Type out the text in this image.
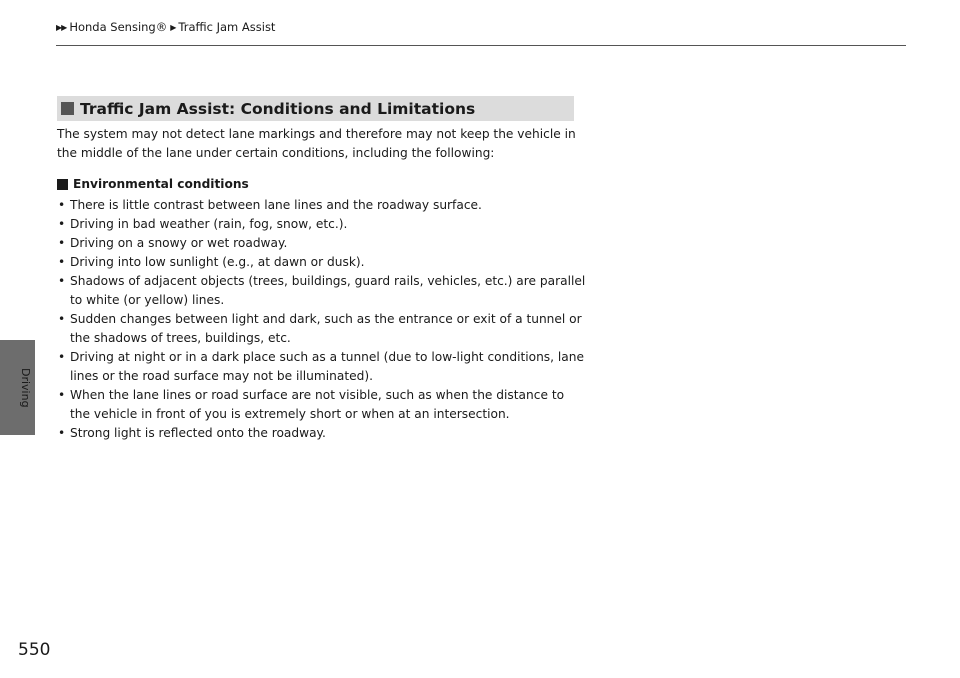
▶▶ Honda Sensing® ▶ Traffic Jam Assist
Driving
Traffic Jam Assist: Conditions and Limitations

The system may not detect lane markings and therefore may not keep the vehicle in the middle of the lane under certain conditions, including the following:

Environmental conditions
• There is little contrast between lane lines and the roadway surface.
• Driving in bad weather (rain, fog, snow, etc.).
• Driving on a snowy or wet roadway.
• Driving into low sunlight (e.g., at dawn or dusk).
• Shadows of adjacent objects (trees, buildings, guard rails, vehicles, etc.) are parallel to white (or yellow) lines.
• Sudden changes between light and dark, such as the entrance or exit of a tunnel or the shadows of trees, buildings, etc.
• Driving at night or in a dark place such as a tunnel (due to low-light conditions, lane lines or the road surface may not be illuminated).
• When the lane lines or road surface are not visible, such as when the distance to the vehicle in front of you is extremely short or when at an intersection.
• Strong light is reflected onto the roadway.
550
